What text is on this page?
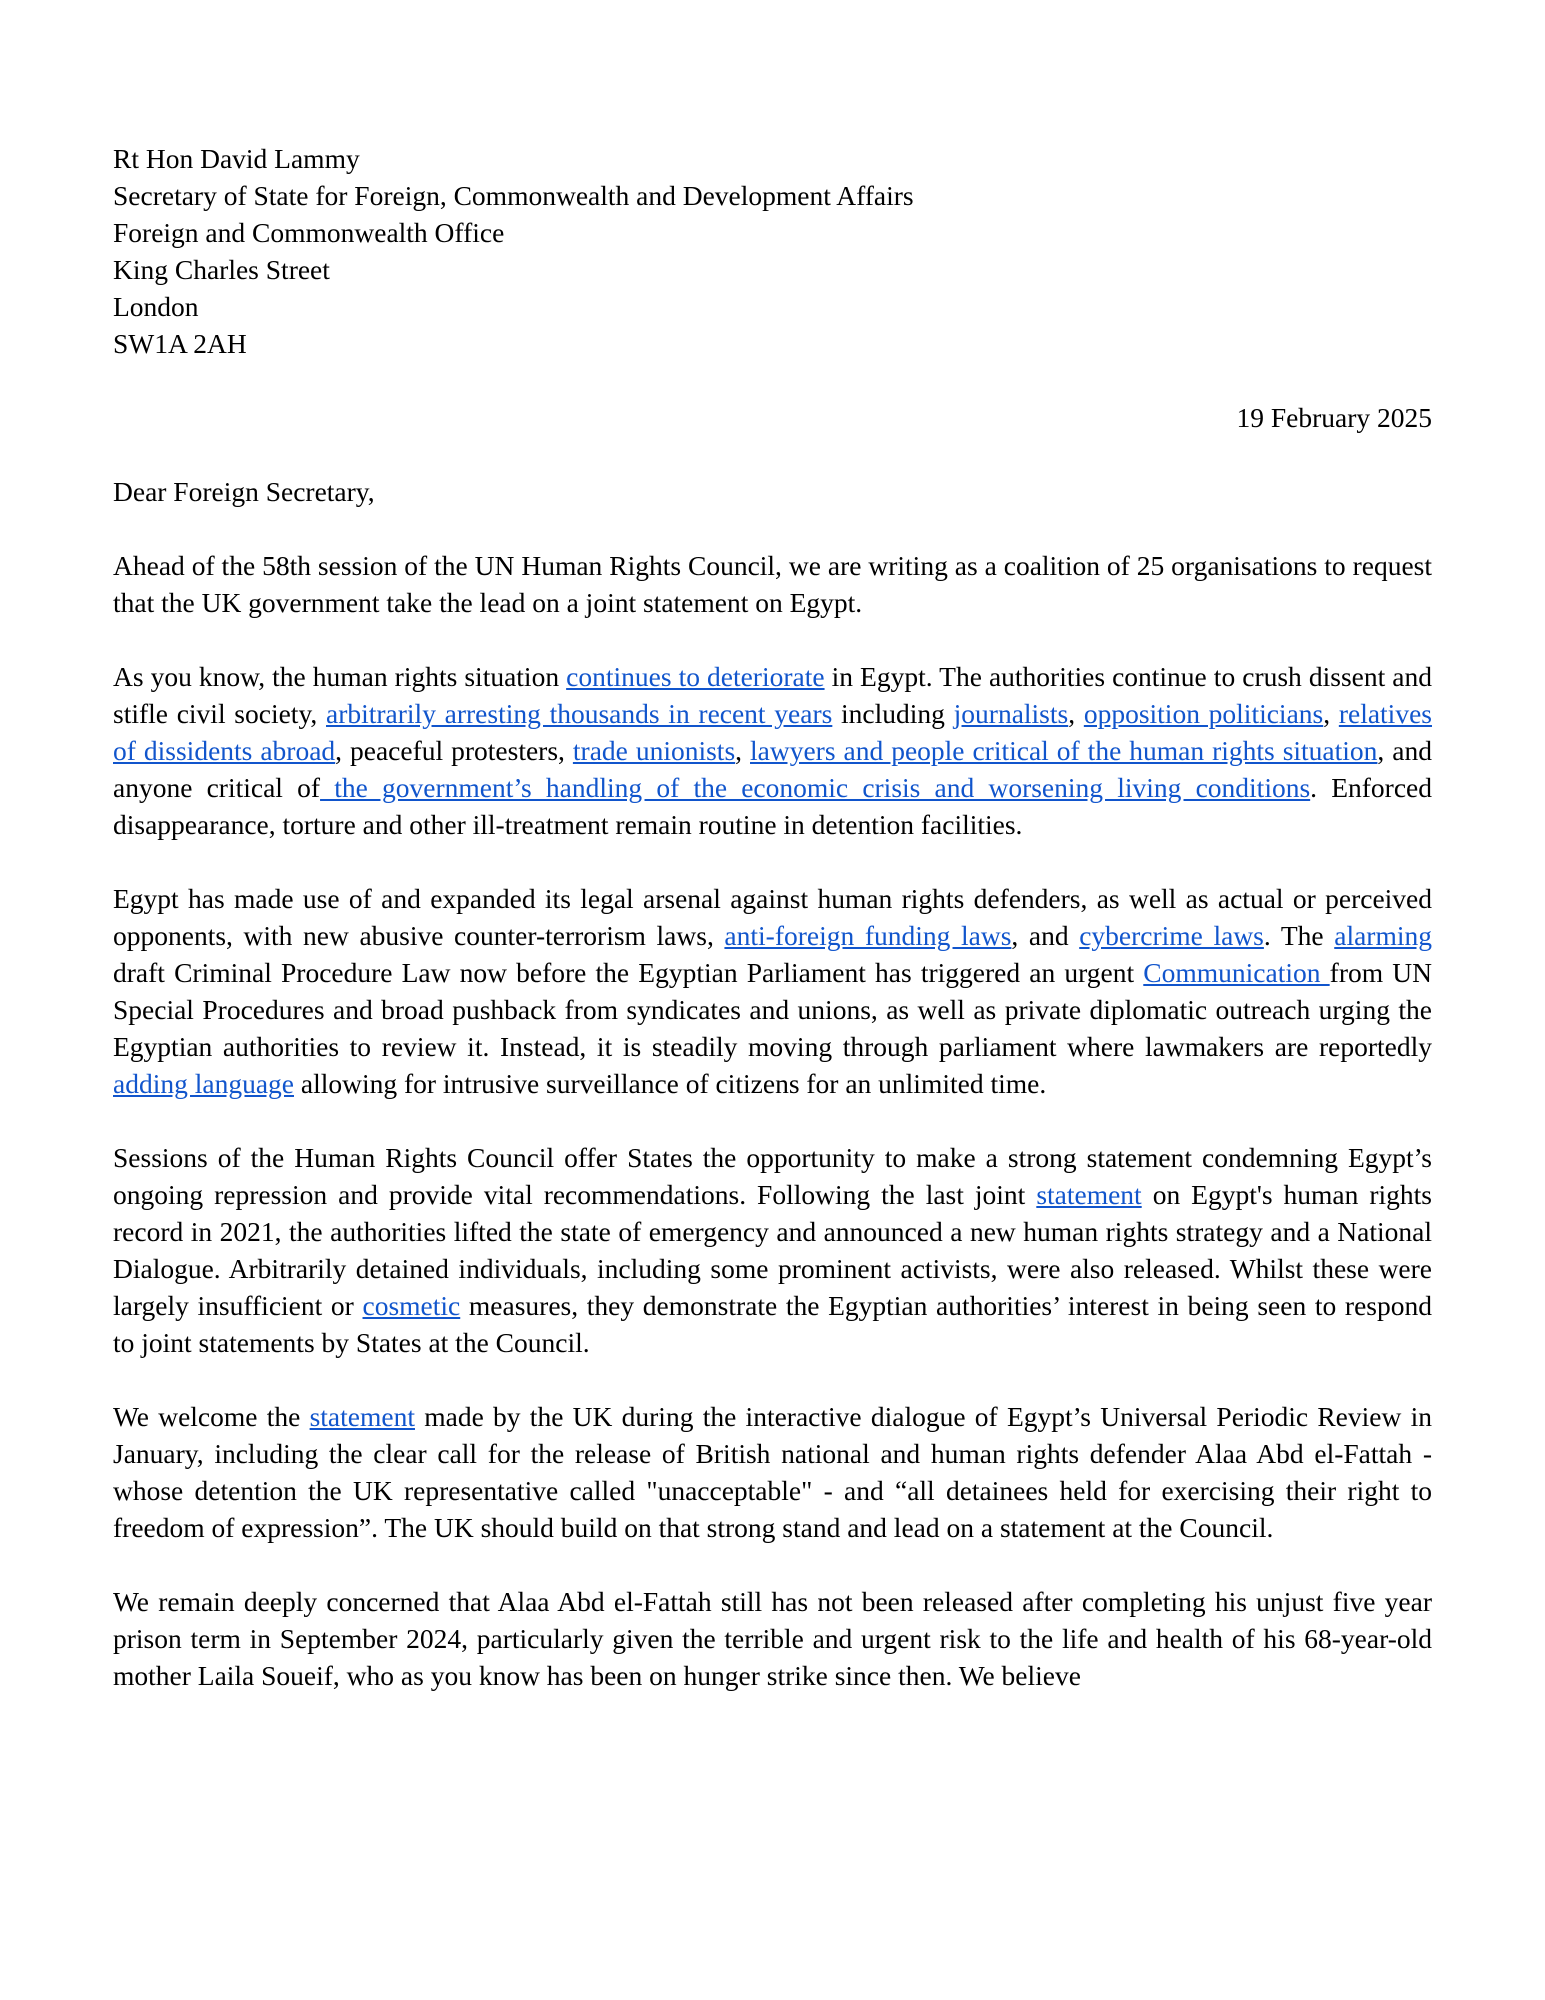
Rt Hon David Lammy
Secretary of State for Foreign, Commonwealth and Development Affairs
Foreign and Commonwealth Office
King Charles Street
London
SW1A 2AH
19 February 2025
Dear Foreign Secretary,

Ahead of the 58th session of the UN Human Rights Council, we are writing as a coalition of 25 organisations to request that the UK government take the lead on a joint statement on Egypt.

As you know, the human rights situation continues to deteriorate in Egypt. The authorities continue to crush dissent and stifle civil society, arbitrarily arresting thousands in recent years including journalists, opposition politicians, relatives of dissidents abroad, peaceful protesters, trade unionists, lawyers and people critical of the human rights situation, and anyone critical of the government’s handling of the economic crisis and worsening living conditions. Enforced disappearance, torture and other ill-treatment remain routine in detention facilities.

Egypt has made use of and expanded its legal arsenal against human rights defenders, as well as actual or perceived opponents, with new abusive counter-terrorism laws, anti-foreign funding laws, and cybercrime laws. The alarming draft Criminal Procedure Law now before the Egyptian Parliament has triggered an urgent Communication from UN Special Procedures and broad pushback from syndicates and unions, as well as private diplomatic outreach urging the Egyptian authorities to review it. Instead, it is steadily moving through parliament where lawmakers are reportedly adding language allowing for intrusive surveillance of citizens for an unlimited time.

Sessions of the Human Rights Council offer States the opportunity to make a strong statement condemning Egypt’s ongoing repression and provide vital recommendations. Following the last joint statement on Egypt's human rights record in 2021, the authorities lifted the state of emergency and announced a new human rights strategy and a National Dialogue. Arbitrarily detained individuals, including some prominent activists, were also released. Whilst these were largely insufficient or cosmetic measures, they demonstrate the Egyptian authorities’ interest in being seen to respond to joint statements by States at the Council.

We welcome the statement made by the UK during the interactive dialogue of Egypt’s Universal Periodic Review in January, including the clear call for the release of British national and human rights defender Alaa Abd el-Fattah - whose detention the UK representative called "unacceptable" - and “all detainees held for exercising their right to freedom of expression”. The UK should build on that strong stand and lead on a statement at the Council.

We remain deeply concerned that Alaa Abd el-Fattah still has not been released after completing his unjust five year prison term in September 2024, particularly given the terrible and urgent risk to the life and health of his 68-year-old mother Laila Soueif, who as you know has been on hunger strike since then. We believe
